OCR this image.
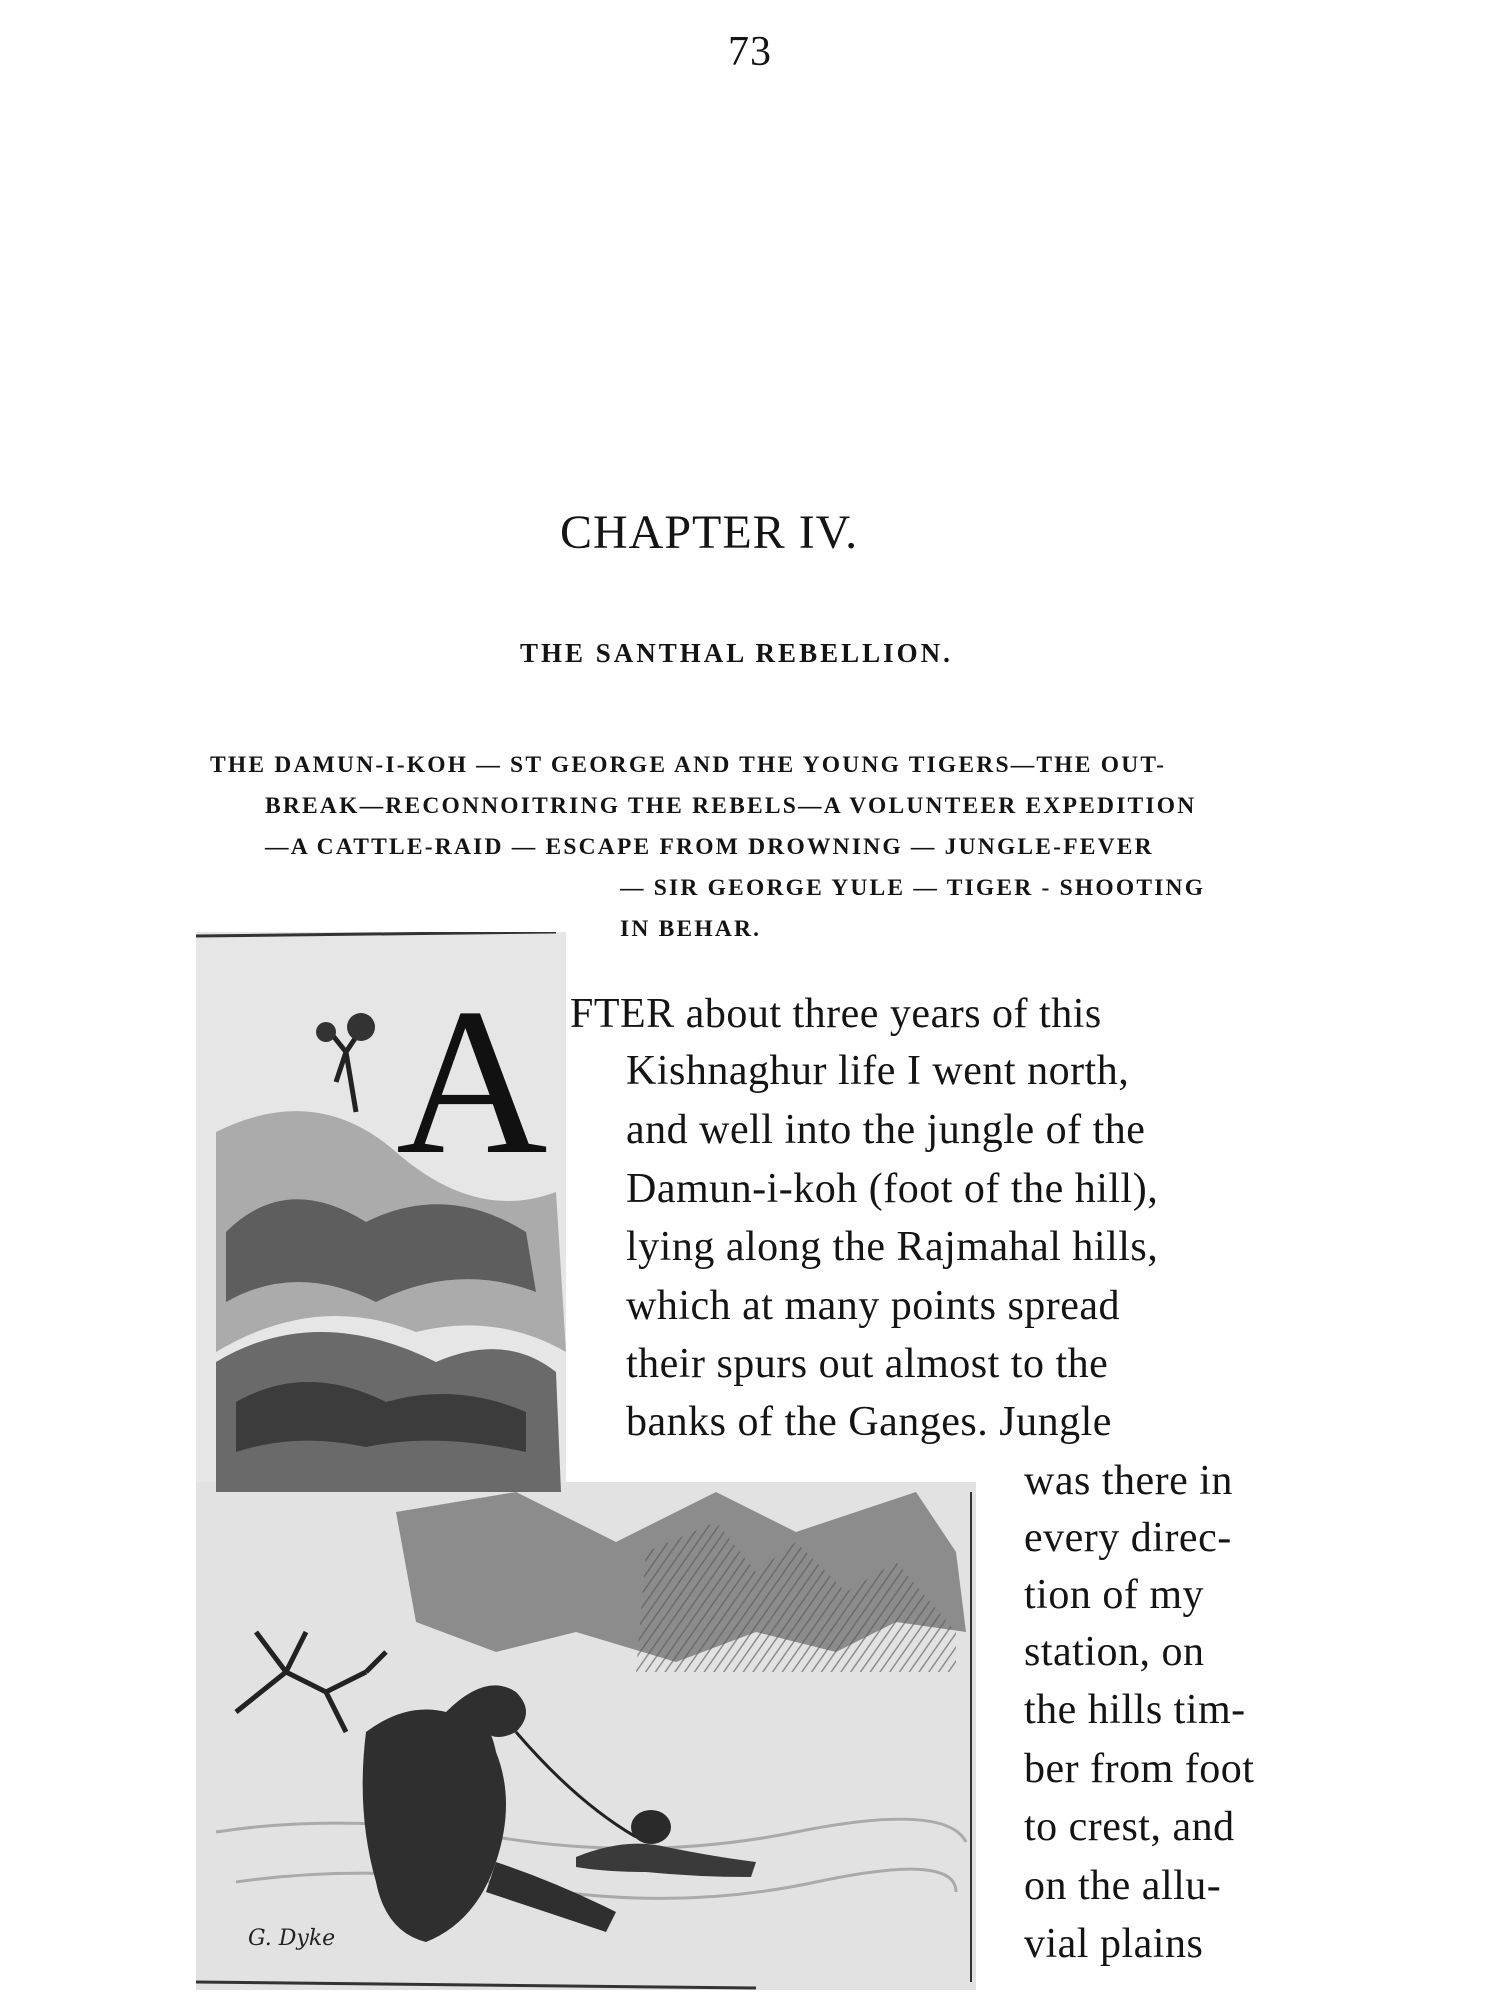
73
CHAPTER IV.
THE SANTHAL REBELLION.
THE DAMUN-I-KOH — ST GEORGE AND THE YOUNG TIGERS—THE OUT-
BREAK—RECONNOITRING THE REBELS—A VOLUNTEER EXPEDITION
—A CATTLE-RAID — ESCAPE FROM DROWNING — JUNGLE-FEVER
— SIR GEORGE YULE — TIGER - SHOOTING
IN BEHAR.
A
G. Dyke
FTER about three years of this
Kishnaghur life I went north,
and well into the jungle of the
Damun-i-koh (foot of the hill),
lying along the Rajmahal hills,
which at many points spread
their spurs out almost to the
banks of the Ganges. Jungle
was there in
every direc-
tion of my
station, on
the hills tim-
ber from foot
to crest, and
on the allu-
vial plains
